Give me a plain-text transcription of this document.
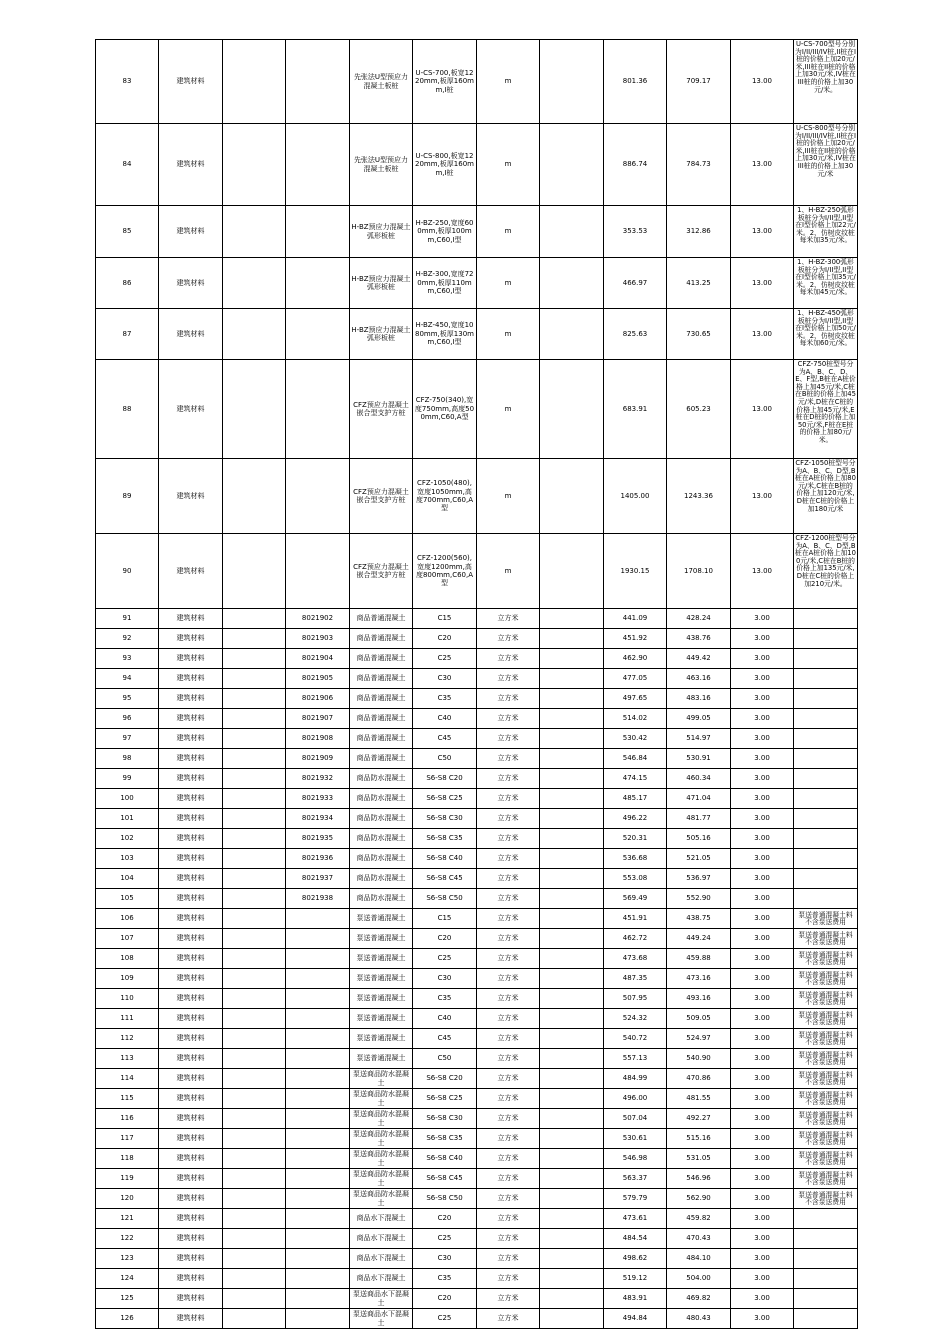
83	建筑材料			先张法U型预应力混凝土板桩	U-CS-700,板宽1220mm,板厚160mm,I桩	m		801.36	709.17	13.00	U-CS-700型号分别为I/II/III/IV桩,II桩在I桩的价格上加20元/米,III桩在II桩的价格上加30元/米,IV桩在III桩的价格上加30元/米。
84	建筑材料			先张法U型预应力混凝土板桩	U-CS-800,板宽1220mm,板厚160mm,I桩	m		886.74	784.73	13.00	U-CS-800型号分别为I/II/III/IV桩,II桩在I桩的价格上加20元/米,III桩在II桩的价格上加30元/米,IV桩在III桩的价格上加30元/米
85	建筑材料			H-BZ预应力混凝土弧形板桩	H-BZ-250,宽度600mm,板厚100mm,C60,I型	m		353.53	312.86	13.00	1、H-BZ-250弧形板桩分为I/II型,II型在I型价格上加22元/米。2、仿树皮纹桩每米加35元/米。
86	建筑材料			H-BZ预应力混凝土弧形板桩	H-BZ-300,宽度720mm,板厚110mm,C60,I型	m		466.97	413.25	13.00	1、H-BZ-300弧形板桩分为I/II型,II型在I型价格上加35元/米。2、仿树皮纹桩每米加45元/米。
87	建筑材料			H-BZ预应力混凝土弧形板桩	H-BZ-450,宽度1080mm,板厚130mm,C60,I型	m		825.63	730.65	13.00	1、H-BZ-450弧形板桩分为I/II型,II型在I型价格上加50元/米。2、仿树皮纹桩每米加60元/米。
88	建筑材料			CFZ预应力混凝土嵌合型支护方桩	CFZ-750(340),宽度750mm,高度500mm,C60,A型	m		683.91	605.23	13.00	CFZ-750桩型号分为A、B、C、D、E、F型,B桩在A桩价格上加45元/米,C桩在B桩的价格上加45元/米,D桩在C桩的价格上加45元/米,E桩在D桩的价格上加50元/米,F桩在E桩的价格上加80元/米。
89	建筑材料			CFZ预应力混凝土嵌合型支护方桩	CFZ-1050(480),宽度1050mm,高度700mm,C60,A型	m		1405.00	1243.36	13.00	CFZ-1050桩型号分为A、B、C、D型,B桩在A桩价格上加80元/米,C桩在B桩的价格上加120元/米,D桩在C桩的价格上加180元/米
90	建筑材料			CFZ预应力混凝土嵌合型支护方桩	CFZ-1200(560),宽度1200mm,高度800mm,C60,A型	m		1930.15	1708.10	13.00	CFZ-1200桩型号分为A、B、C、D型,B桩在A桩价格上加100元/米,C桩在B桩的价格上加135元/米,D桩在C桩的价格上加210元/米。
91	建筑材料		8021902	商品普通混凝土	C15	立方米		441.09	428.24	3.00	
92	建筑材料		8021903	商品普通混凝土	C20	立方米		451.92	438.76	3.00	
93	建筑材料		8021904	商品普通混凝土	C25	立方米		462.90	449.42	3.00	
94	建筑材料		8021905	商品普通混凝土	C30	立方米		477.05	463.16	3.00	
95	建筑材料		8021906	商品普通混凝土	C35	立方米		497.65	483.16	3.00	
96	建筑材料		8021907	商品普通混凝土	C40	立方米		514.02	499.05	3.00	
97	建筑材料		8021908	商品普通混凝土	C45	立方米		530.42	514.97	3.00	
98	建筑材料		8021909	商品普通混凝土	C50	立方米		546.84	530.91	3.00	
99	建筑材料		8021932	商品防水混凝土	S6-S8 C20	立方米		474.15	460.34	3.00	
100	建筑材料		8021933	商品防水混凝土	S6-S8 C25	立方米		485.17	471.04	3.00	
101	建筑材料		8021934	商品防水混凝土	S6-S8 C30	立方米		496.22	481.77	3.00	
102	建筑材料		8021935	商品防水混凝土	S6-S8 C35	立方米		520.31	505.16	3.00	
103	建筑材料		8021936	商品防水混凝土	S6-S8 C40	立方米		536.68	521.05	3.00	
104	建筑材料		8021937	商品防水混凝土	S6-S8 C45	立方米		553.08	536.97	3.00	
105	建筑材料		8021938	商品防水混凝土	S6-S8 C50	立方米		569.49	552.90	3.00	
106	建筑材料			泵送普通混凝土	C15	立方米		451.91	438.75	3.00	泵送普通混凝土料不含泵送费用
107	建筑材料			泵送普通混凝土	C20	立方米		462.72	449.24	3.00	泵送普通混凝土料不含泵送费用
108	建筑材料			泵送普通混凝土	C25	立方米		473.68	459.88	3.00	泵送普通混凝土料不含泵送费用
109	建筑材料			泵送普通混凝土	C30	立方米		487.35	473.16	3.00	泵送普通混凝土料不含泵送费用
110	建筑材料			泵送普通混凝土	C35	立方米		507.95	493.16	3.00	泵送普通混凝土料不含泵送费用
111	建筑材料			泵送普通混凝土	C40	立方米		524.32	509.05	3.00	泵送普通混凝土料不含泵送费用
112	建筑材料			泵送普通混凝土	C45	立方米		540.72	524.97	3.00	泵送普通混凝土料不含泵送费用
113	建筑材料			泵送普通混凝土	C50	立方米		557.13	540.90	3.00	泵送普通混凝土料不含泵送费用
114	建筑材料			泵送商品防水混凝土	S6-S8 C20	立方米		484.99	470.86	3.00	泵送普通混凝土料不含泵送费用
115	建筑材料			泵送商品防水混凝土	S6-S8 C25	立方米		496.00	481.55	3.00	泵送普通混凝土料不含泵送费用
116	建筑材料			泵送商品防水混凝土	S6-S8 C30	立方米		507.04	492.27	3.00	泵送普通混凝土料不含泵送费用
117	建筑材料			泵送商品防水混凝土	S6-S8 C35	立方米		530.61	515.16	3.00	泵送普通混凝土料不含泵送费用
118	建筑材料			泵送商品防水混凝土	S6-S8 C40	立方米		546.98	531.05	3.00	泵送普通混凝土料不含泵送费用
119	建筑材料			泵送商品防水混凝土	S6-S8 C45	立方米		563.37	546.96	3.00	泵送普通混凝土料不含泵送费用
120	建筑材料			泵送商品防水混凝土	S6-S8 C50	立方米		579.79	562.90	3.00	泵送普通混凝土料不含泵送费用
121	建筑材料			商品水下混凝土	C20	立方米		473.61	459.82	3.00	
122	建筑材料			商品水下混凝土	C25	立方米		484.54	470.43	3.00	
123	建筑材料			商品水下混凝土	C30	立方米		498.62	484.10	3.00	
124	建筑材料			商品水下混凝土	C35	立方米		519.12	504.00	3.00	
125	建筑材料			泵送商品水下混凝土	C20	立方米		483.91	469.82	3.00	
126	建筑材料			泵送商品水下混凝土	C25	立方米		494.84	480.43	3.00	
